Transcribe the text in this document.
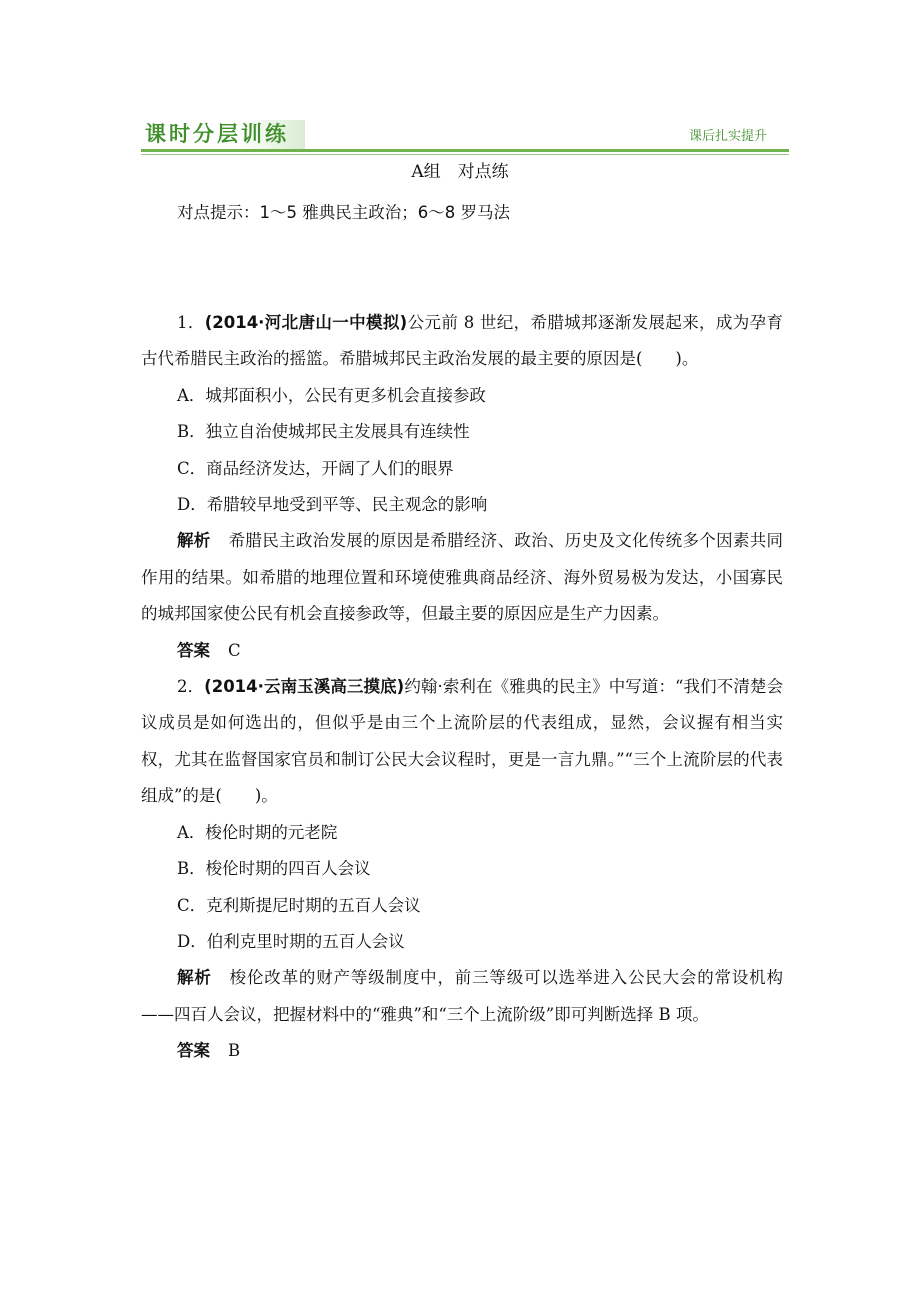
课时分层训练	课后扎实提升
A组　对点练
对点提示：1～5 雅典民主政治；6～8 罗马法

1．(2014·河北唐山一中模拟)公元前 8 世纪，希腊城邦逐渐发展起来，成为孕育古代希腊民主政治的摇篮。希腊城邦民主政治发展的最主要的原因是(　　)。

A．城邦面积小，公民有更多机会直接参政

B．独立自治使城邦民主发展具有连续性

C．商品经济发达，开阔了人们的眼界

D．希腊较早地受到平等、民主观念的影响

解析 希腊民主政治发展的原因是希腊经济、政治、历史及文化传统多个因素共同作用的结果。如希腊的地理位置和环境使雅典商品经济、海外贸易极为发达，小国寡民的城邦国家使公民有机会直接参政等，但最主要的原因应是生产力因素。

答案 C

2．(2014·云南玉溪高三摸底)约翰·索利在《雅典的民主》中写道：“我们不清楚会议成员是如何选出的，但似乎是由三个上流阶层的代表组成，显然，会议握有相当实权，尤其在监督国家官员和制订公民大会议程时，更是一言九鼎。”“三个上流阶层的代表组成”的是(　　)。

A．梭伦时期的元老院

B．梭伦时期的四百人会议

C．克利斯提尼时期的五百人会议

D．伯利克里时期的五百人会议

解析 梭伦改革的财产等级制度中，前三等级可以选举进入公民大会的常设机构——四百人会议，把握材料中的“雅典”和“三个上流阶级”即可判断选择 B 项。

答案 B
